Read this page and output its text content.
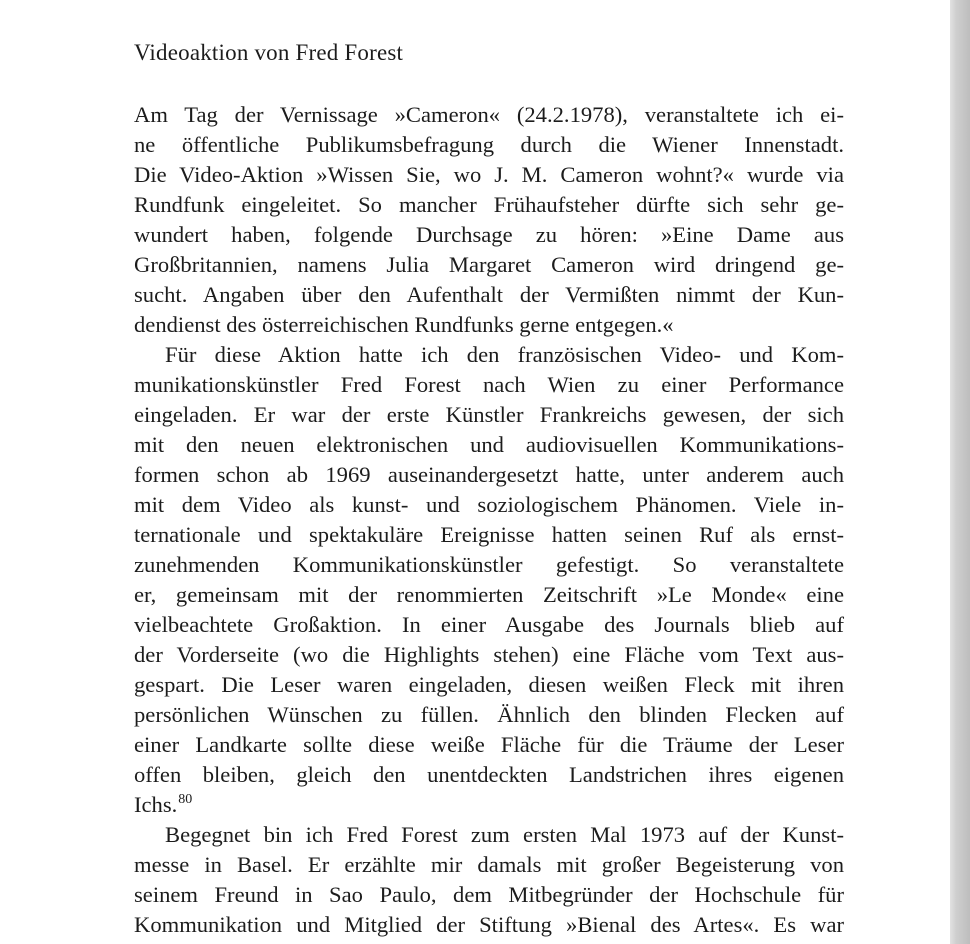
Videoaktion von Fred Forest
Am Tag der Vernissage »Cameron« (24.2.1978), veranstaltete ich ei-
ne öffentliche Publikumsbefragung durch die Wiener Innenstadt.
Die Video-Aktion »Wissen Sie, wo J. M. Cameron wohnt?« wurde via
Rundfunk eingeleitet. So mancher Frühaufsteher dürfte sich sehr ge-
wundert haben, folgende Durchsage zu hören: »Eine Dame aus
Großbritannien, namens Julia Margaret Cameron wird dringend ge-
sucht. Angaben über den Aufenthalt der Vermißten nimmt der Kun-
dendienst des österreichischen Rundfunks gerne entgegen.«
Für diese Aktion hatte ich den französischen Video- und Kom-
munikationskünstler Fred Forest nach Wien zu einer Performance
eingeladen. Er war der erste Künstler Frankreichs gewesen, der sich
mit den neuen elektronischen und audiovisuellen Kommunikations-
formen schon ab 1969 auseinandergesetzt hatte, unter anderem auch
mit dem Video als kunst- und soziologischem Phänomen. Viele in-
ternationale und spektakuläre Ereignisse hatten seinen Ruf als ernst-
zunehmenden Kommunikationskünstler gefestigt. So veranstaltete
er, gemeinsam mit der renommierten Zeitschrift »Le Monde« eine
vielbeachtete Großaktion. In einer Ausgabe des Journals blieb auf
der Vorderseite (wo die Highlights stehen) eine Fläche vom Text aus-
gespart. Die Leser waren eingeladen, diesen weißen Fleck mit ihren
persönlichen Wünschen zu füllen. Ähnlich den blinden Flecken auf
einer Landkarte sollte diese weiße Fläche für die Träume der Leser
offen bleiben, gleich den unentdeckten Landstrichen ihres eigenen
Ichs.$^{80}$
Begegnet bin ich Fred Forest zum ersten Mal 1973 auf der Kunst-
messe in Basel. Er erzählte mir damals mit großer Begeisterung von
seinem Freund in Sao Paulo, dem Mitbegründer der Hochschule für
Kommunikation und Mitglied der Stiftung »Bienal des Artes«. Es war
